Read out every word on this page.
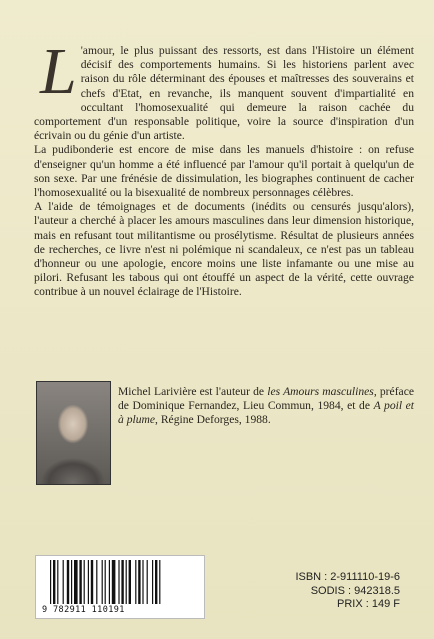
L 'amour, le plus puissant des ressorts, est dans l'Histoire un élément décisif des comportements humains. Si les historiens parlent avec raison du rôle déterminant des épouses et maîtresses des souverains et chefs d'Etat, en revanche, ils manquent souvent d'impartialité en occultant l'homosexualité qui demeure la raison cachée du comportement d'un responsable politique, voire la source d'inspiration d'un écrivain ou du génie d'un artiste.

La pudibonderie est encore de mise dans les manuels d'histoire : on refuse d'enseigner qu'un homme a été influencé par l'amour qu'il portait à quelqu'un de son sexe. Par une frénésie de dissimulation, les biographes continuent de cacher l'homosexualité ou la bisexualité de nombreux personnages célèbres.

A l'aide de témoignages et de documents (inédits ou censurés jusqu'alors), l'auteur a cherché à placer les amours masculines dans leur dimension historique, mais en refusant tout militantisme ou prosélytisme. Résultat de plusieurs années de recherches, ce livre n'est ni polémique ni scandaleux, ce n'est pas un tableau d'honneur ou une apologie, encore moins une liste infamante ou une mise au pilori. Refusant les tabous qui ont étouffé un aspect de la vérité, cette ouvrage contribue à un nouvel éclairage de l'Histoire.

Michel Larivière est l'auteur de les Amours masculines, préface de Dominique Fernandez, Lieu Commun, 1984, et de A poil et à plume, Régine Deforges, 1988.
9 782911 110191
ISBN : 2-911110-19-6
SODIS : 942318.5
PRIX : 149 F
